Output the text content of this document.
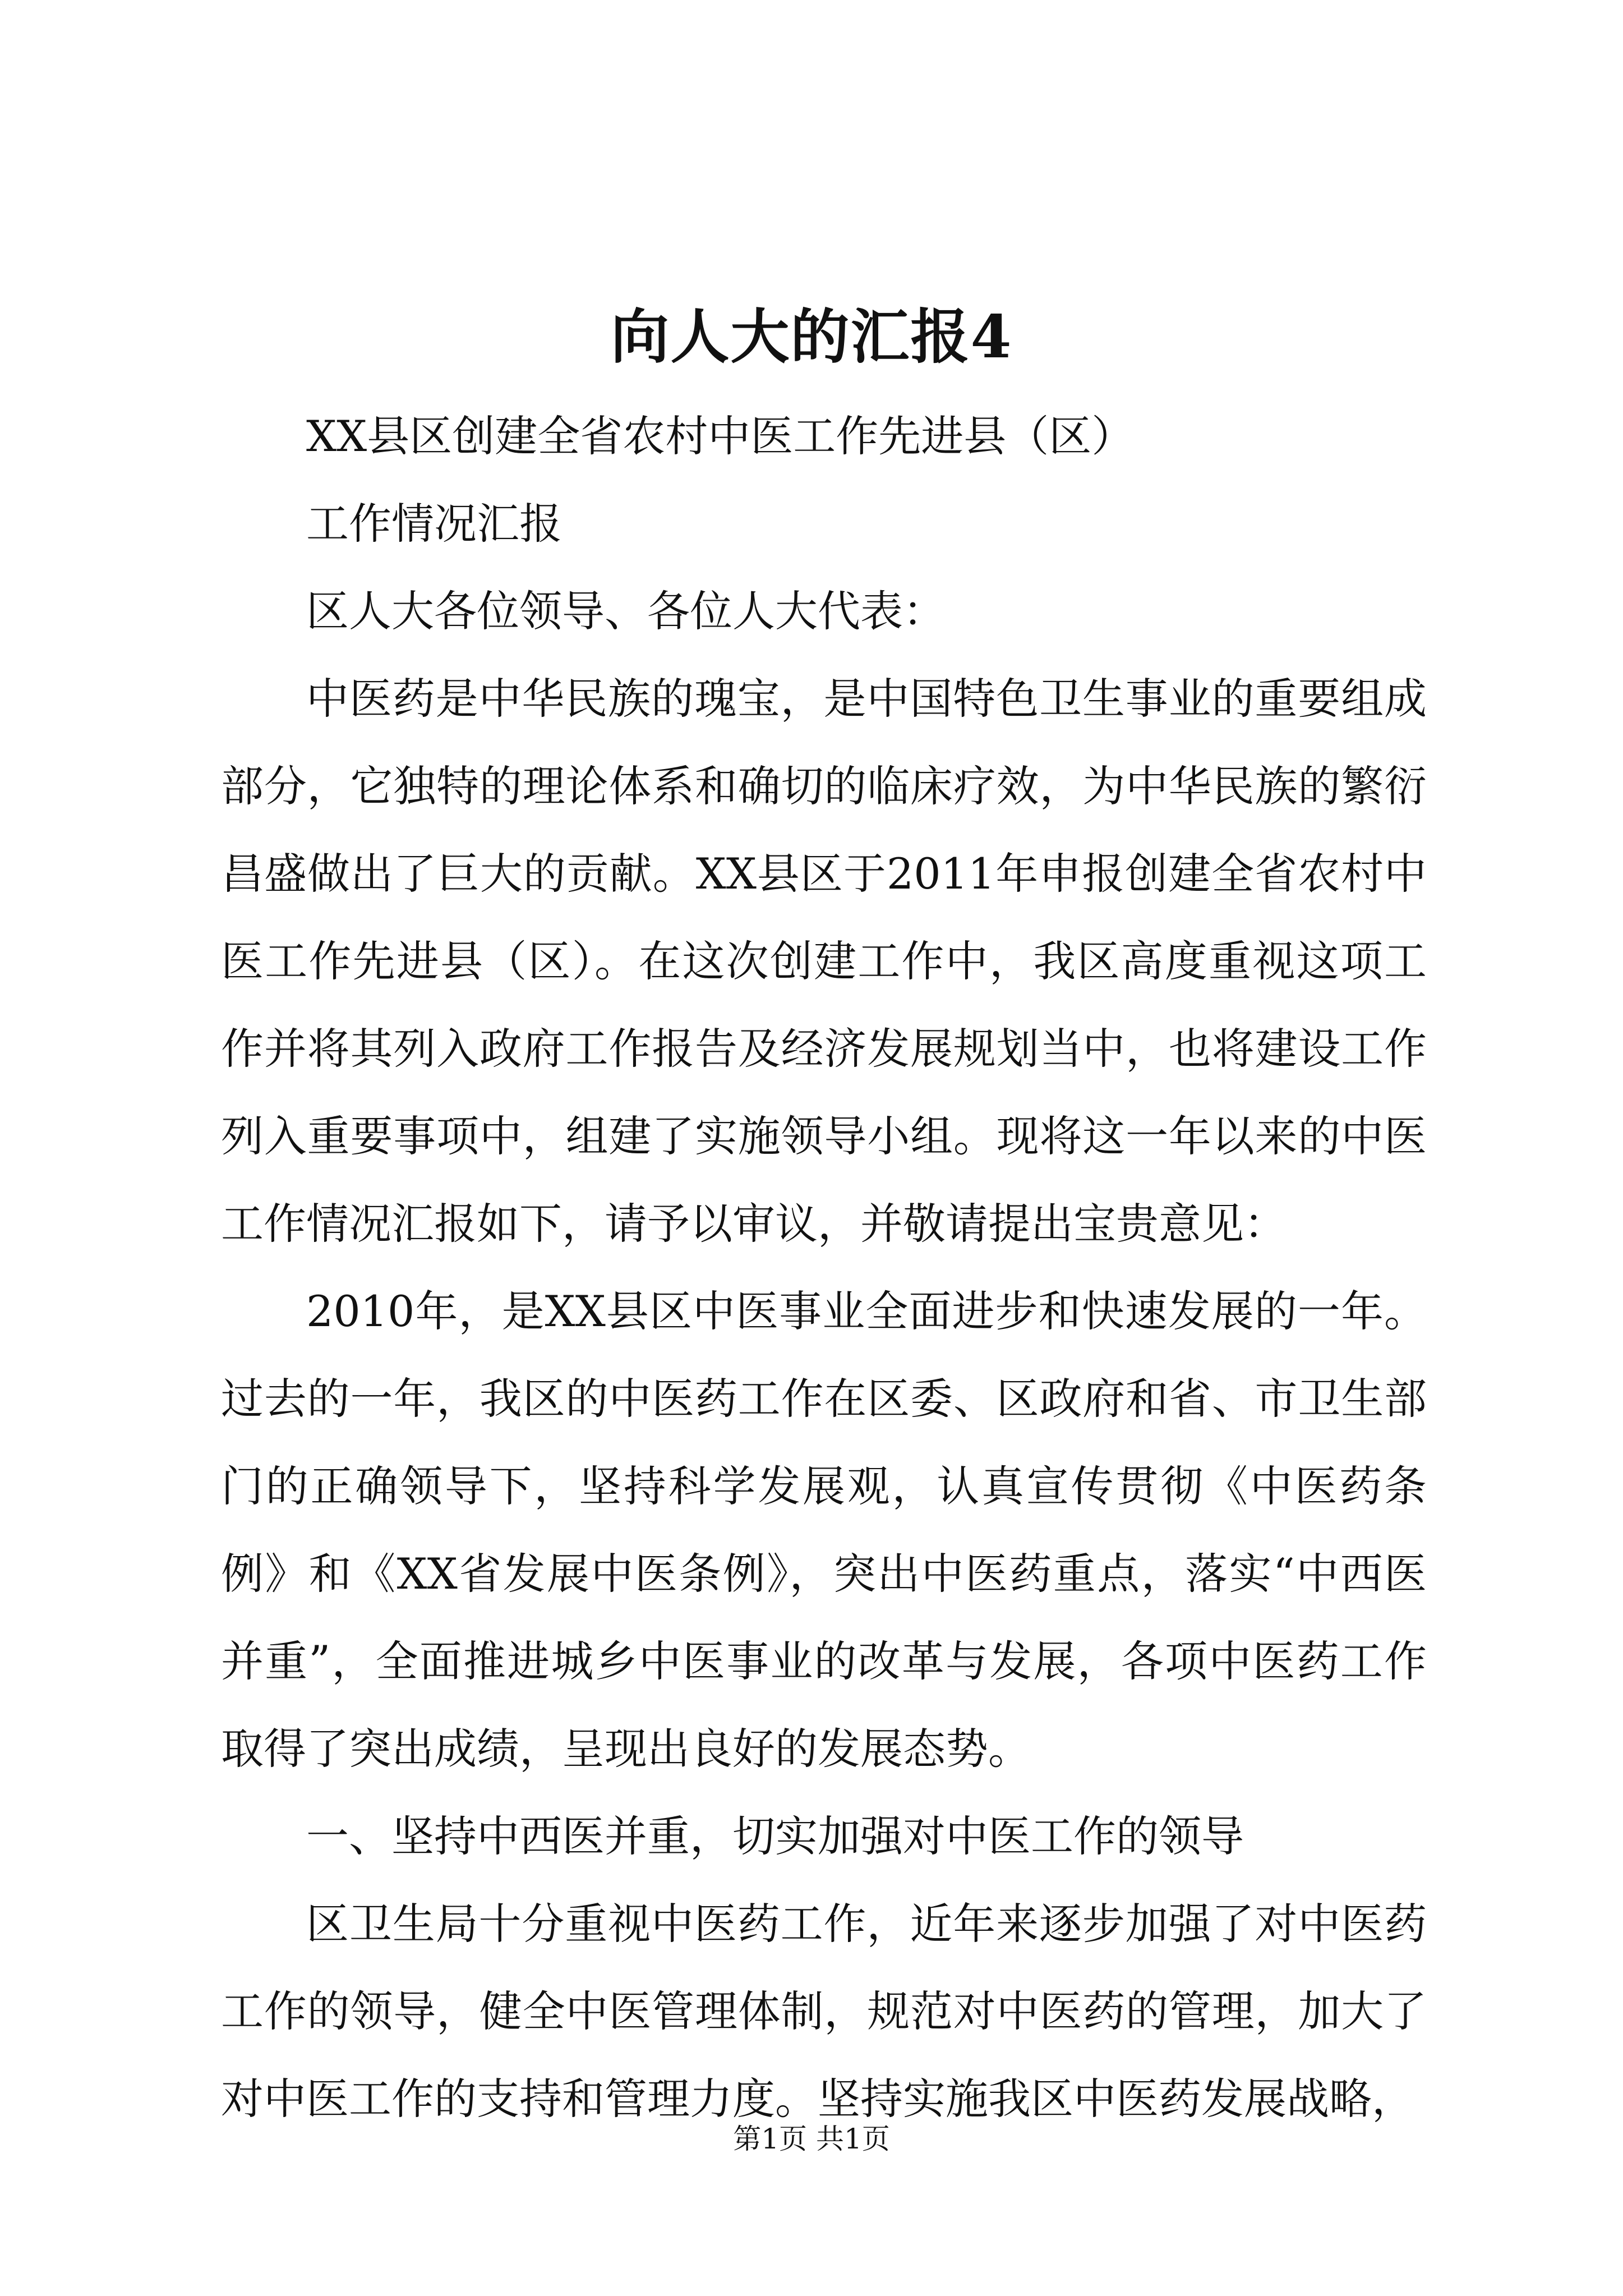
向人大的汇报4

XX县区创建全省农村中医工作先进县（区）

工作情况汇报

区人大各位领导、各位人大代表：

中医药是中华民族的瑰宝，是中国特色卫生事业的重要组成部分，它独特的理论体系和确切的临床疗效，为中华民族的繁衍昌盛做出了巨大的贡献。XX县区于2011年申报创建全省农村中医工作先进县（区）。在这次创建工作中，我区高度重视这项工作并将其列入政府工作报告及经济发展规划当中，也将建设工作列入重要事项中，组建了实施领导小组。现将这一年以来的中医工作情况汇报如下，请予以审议，并敬请提出宝贵意见：

2010年，是XX县区中医事业全面进步和快速发展的一年。过去的一年，我区的中医药工作在区委、区政府和省、市卫生部门的正确领导下，坚持科学发展观，认真宣传贯彻《中医药条例》和《XX省发展中医条例》，突出中医药重点，落实“中西医并重”，全面推进城乡中医事业的改革与发展，各项中医药工作取得了突出成绩，呈现出良好的发展态势。

一、坚持中西医并重，切实加强对中医工作的领导

区卫生局十分重视中医药工作，近年来逐步加强了对中医药工作的领导，健全中医管理体制，规范对中医药的管理，加大了对中医工作的支持和管理力度。坚持实施我区中医药发展战略，

第1页 共1页
